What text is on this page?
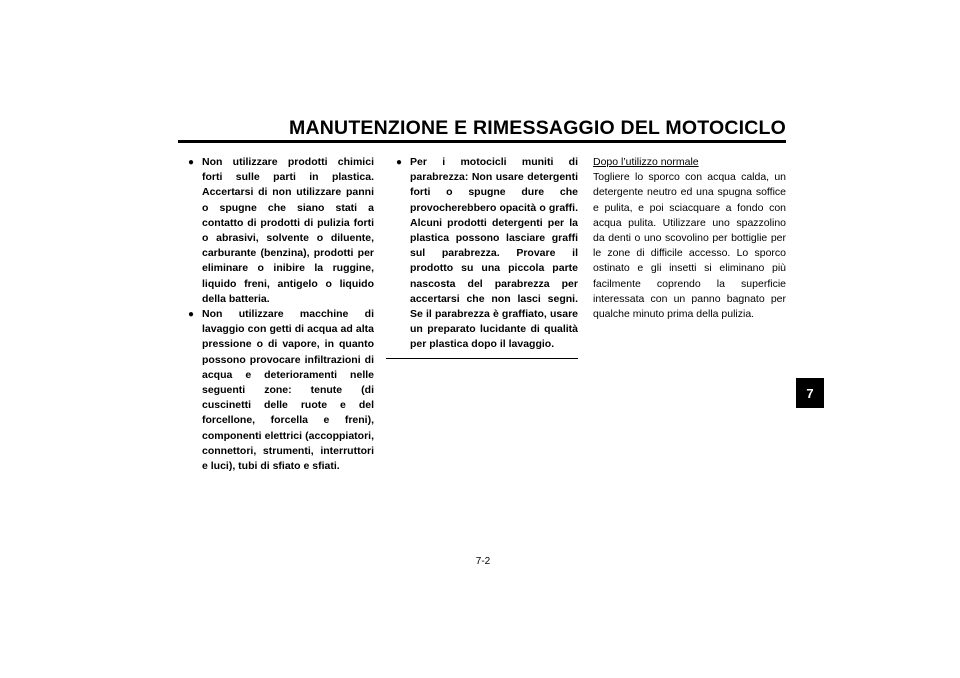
MANUTENZIONE E RIMESSAGGIO DEL MOTOCICLO
● Non utilizzare prodotti chimici forti sulle parti in plastica. Accertarsi di non utilizzare panni o spugne che siano stati a contatto di prodotti di pulizia forti o abrasivi, solvente o diluente, carburante (benzina), prodotti per eliminare o inibire la ruggine, liquido freni, antigelo o liquido della batteria.
● Non utilizzare macchine di lavaggio con getti di acqua ad alta pressione o di vapore, in quanto possono provocare infiltrazioni di acqua e deterioramenti nelle seguenti zone: tenute (di cuscinetti delle ruote e del forcellone, forcella e freni), componenti elettrici (accoppiatori, connettori, strumenti, interruttori e luci), tubi di sfiato e sfiati.
● Per i motocicli muniti di parabrezza: Non usare detergenti forti o spugne dure che provocherebbero opacità o graffi. Alcuni prodotti detergenti per la plastica possono lasciare graffi sul parabrezza. Provare il prodotto su una piccola parte nascosta del parabrezza per accertarsi che non lasci segni. Se il parabrezza è graffiato, usare un preparato lucidante di qualità per plastica dopo il lavaggio.
Dopo l’utilizzo normale
Togliere lo sporco con acqua calda, un detergente neutro ed una spugna soffice e pulita, e poi sciacquare a fondo con acqua pulita. Utilizzare uno spazzolino da denti o uno scovolino per bottiglie per le zone di difficile accesso. Lo sporco ostinato e gli insetti si eliminano più facilmente coprendo la superficie interessata con un panno bagnato per qualche minuto prima della pulizia.
7-2
7
